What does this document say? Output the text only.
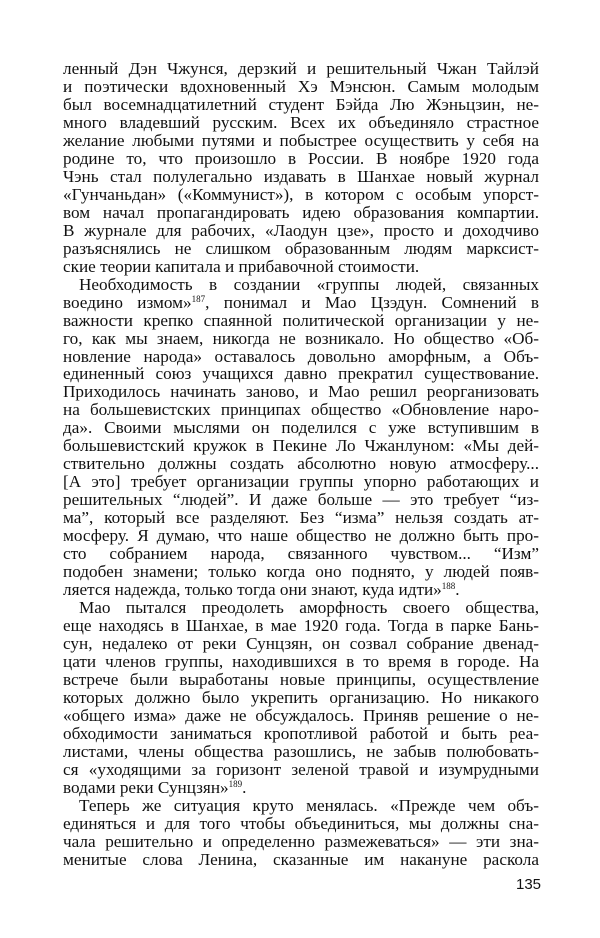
ленный Дэн Чжунся, дерзкий и решительный Чжан Тайлэй
и поэтически вдохновенный Хэ Мэнсюн. Самым молодым
был восемнадцатилетний студент Бэйда Лю Жэньцзин, не-
много владевший русским. Всех их объединяло страстное
желание любыми путями и побыстрее осуществить у себя на
родине то, что произошло в России. В ноябре 1920 года
Чэнь стал полулегально издавать в Шанхае новый журнал
«Гунчаньдан» («Коммунист»), в котором с особым упорст-
вом начал пропагандировать идею образования компартии.
В журнале для рабочих, «Лаодун цзе», просто и доходчиво
разъяснялись не слишком образованным людям марксист-
ские теории капитала и прибавочной стоимости.
Необходимость в создании «группы людей, связанных
воедино измом»$^{187}$, понимал и Мао Цзэдун. Сомнений в
важности крепко спаянной политической организации у не-
го, как мы знаем, никогда не возникало. Но общество «Об-
новление народа» оставалось довольно аморфным, а Объ-
единенный союз учащихся давно прекратил существование.
Приходилось начинать заново, и Мао решил реорганизовать
на большевистских принципах общество «Обновление наро-
да». Своими мыслями он поделился с уже вступившим в
большевистский кружок в Пекине Ло Чжанлуном: «Мы дей-
ствительно должны создать абсолютно новую атмосферу...
[А это] требует организации группы упорно работающих и
решительных “людей”. И даже больше — это требует “из-
ма”, который все разделяют. Без “изма” нельзя создать ат-
мосферу. Я думаю, что наше общество не должно быть про-
сто собранием народа, связанного чувством... “Изм”
подобен знамени; только когда оно поднято, у людей появ-
ляется надежда, только тогда они знают, куда идти»$^{188}$.
Мао пытался преодолеть аморфность своего общества,
еще находясь в Шанхае, в мае 1920 года. Тогда в парке Бань-
сун, недалеко от реки Сунцзян, он созвал собрание двенад-
цати членов группы, находившихся в то время в городе. На
встрече были выработаны новые принципы, осуществление
которых должно было укрепить организацию. Но никакого
«общего изма» даже не обсуждалось. Приняв решение о не-
обходимости заниматься кропотливой работой и быть реа-
листами, члены общества разошлись, не забыв полюбовать-
ся «уходящими за горизонт зеленой травой и изумрудными
водами реки Сунцзян»$^{189}$.
Теперь же ситуация круто менялась. «Прежде чем объ-
единяться и для того чтобы объединиться, мы должны сна-
чала решительно и определенно размежеваться» — эти зна-
менитые слова Ленина, сказанные им накануне раскола
135
